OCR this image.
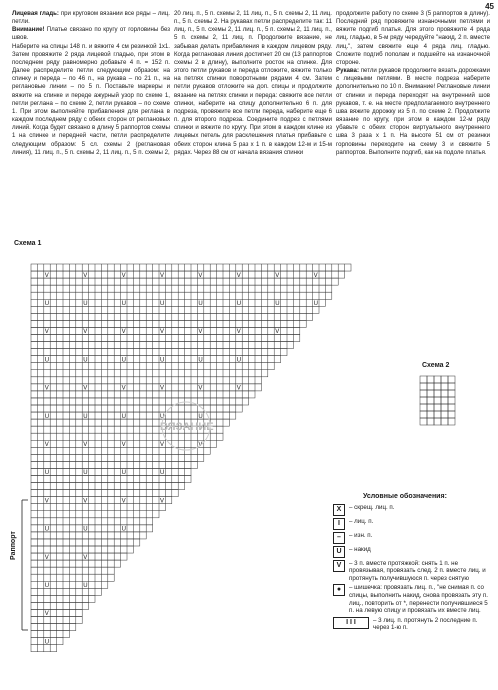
45

Лицевая гладь: при круговом вязании все ряды – лиц. петли.

Внимание! Платье связано по кругу от горловины без швов.

Наберите на спицы 148 п. и вяжите 4 см резинкой 1х1. Затем провяжите 2 ряда лицевой гладью, при этом в последнем ряду равномерно добавьте 4 п. = 152 п. Далее распределите петли следующим образом: на спинку и переда – по 46 п., на рукава – по 21 п., на реглановые линии – по 5 п. Поставьте маркеры и вяжите на спинке и переде ажурный узор по схеме 1, петли реглана – по схеме 2, петли рукавов – по схеме 1. При этом выполняйте прибавления для реглана в каждом последнем ряду с обеих сторон от реглановых линий. Когда будет связано в длину 5 раппортов схемы 1 на спинке и передней части, петли распределите следующим образом: 5 сл. схемы 2 (реглановая линия), 11 лиц. п., 5 п. схемы 2, 11 лиц. п., 5 п. схемы 2,

20 лиц. п., 5 п. схемы 2, 11 лиц. п., 5 п. схемы 2, 11 лиц. п., 5 п. схемы 2. На рукавах петли распределите так: 11 лиц. п., 5 п. схемы 2, 11 лиц. п., 5 п. схемы 2, 11 лиц. п., 5 п. схемы 2, 11 лиц. п. Продолжите вязание, не забывая делать прибавления в каждом лицевом ряду. Когда реглановая линия достигнет 20 см (13 раппортов схемы 2 в длину), выполните росток на спинке. Для этого петли рукавов и переда отложите, вяжите только на петлях спинки поворотными рядами 4 см. Затем петли рукавов отложите на доп. спицы и продолжите вязание на петлях спинки и переда: свяжите все петли спинки, наберите на спицу дополнительно 6 п. для подреза, провяжите все петли переда, наберите еще 6 п. для второго подреза. Соедините подрез с петлями спинки и вяжите по кругу. При этом в каждом клине из лицевых петель для расклешения платья прибавьте с обеих сторон клина 5 раз х 1 п. в каждом 12-м и 15-м рядах. Через 88 см от начала вязания спинки

продолжите работу по схеме 3 (5 раппортов в длину). Последний ряд провяжите изнаночными петлями и вяжите подгиб платья. Для этого провяжите 4 ряда лиц. гладью, в 5-м ряду чередуйте "накид, 2 п. вместе лиц.", затем свяжите еще 4 ряда лиц. гладью. Сложите подгиб пополам и подшейте на изнаночной стороне.

Рукава: петли рукавов продолжите вязать дорожками с лицевыми петлями. В месте подреза наберите дополнительно по 10 п. Внимание! Реглановые линии от спинки и переда переходят на внутренний шов рукавов, т. е. на месте предполагаемого внутреннего шва вяжите дорожку из 5 п. по схеме 2. Продолжите вязание по кругу, при этом в каждом 12-м ряду убавьте с обеих сторон виртуального внутреннего шва 3 раза х 1 п. На высоте 51 см от резинки горловины переходите на схему 3 и свяжите 5 раппортов. Выполните подгиб, как на подоле платья.

Схема 1
Схема 2
Раппорт
V	V	V	V	V	V	V	V
U	U	U	U	U	U	U	U
V	V	V	V	V	V	V
U	U	U	U	U	U
V	V	V	V	V	V
U	U	U	U	U
V	V	V	V	V
U	U	U	U
V	V	V	V
U	U	U
V	V
U	U
V
U
ВЯЗАНИЕ
Условные обозначения:
X	– скрещ. лиц. п.
I	– лиц. п.
–	– изн. п.
U	– накид
V	– 3 п. вместе протяжкой: снять 1 п. не провязывая, провязать след. 2 п. вместе лиц. и протянуть получившуюся п. через снятую
●	– шишечка: провязать лиц. п., "не снимая п. со спицы, выполнить накид, снова провязать эту п. лиц., повторить от *, перенести получившиеся 5 п. на левую спицу и провязать их вместе лиц.
I I I	– 3 лиц. п. протянуть 2 последние п. через 1-ю п.
